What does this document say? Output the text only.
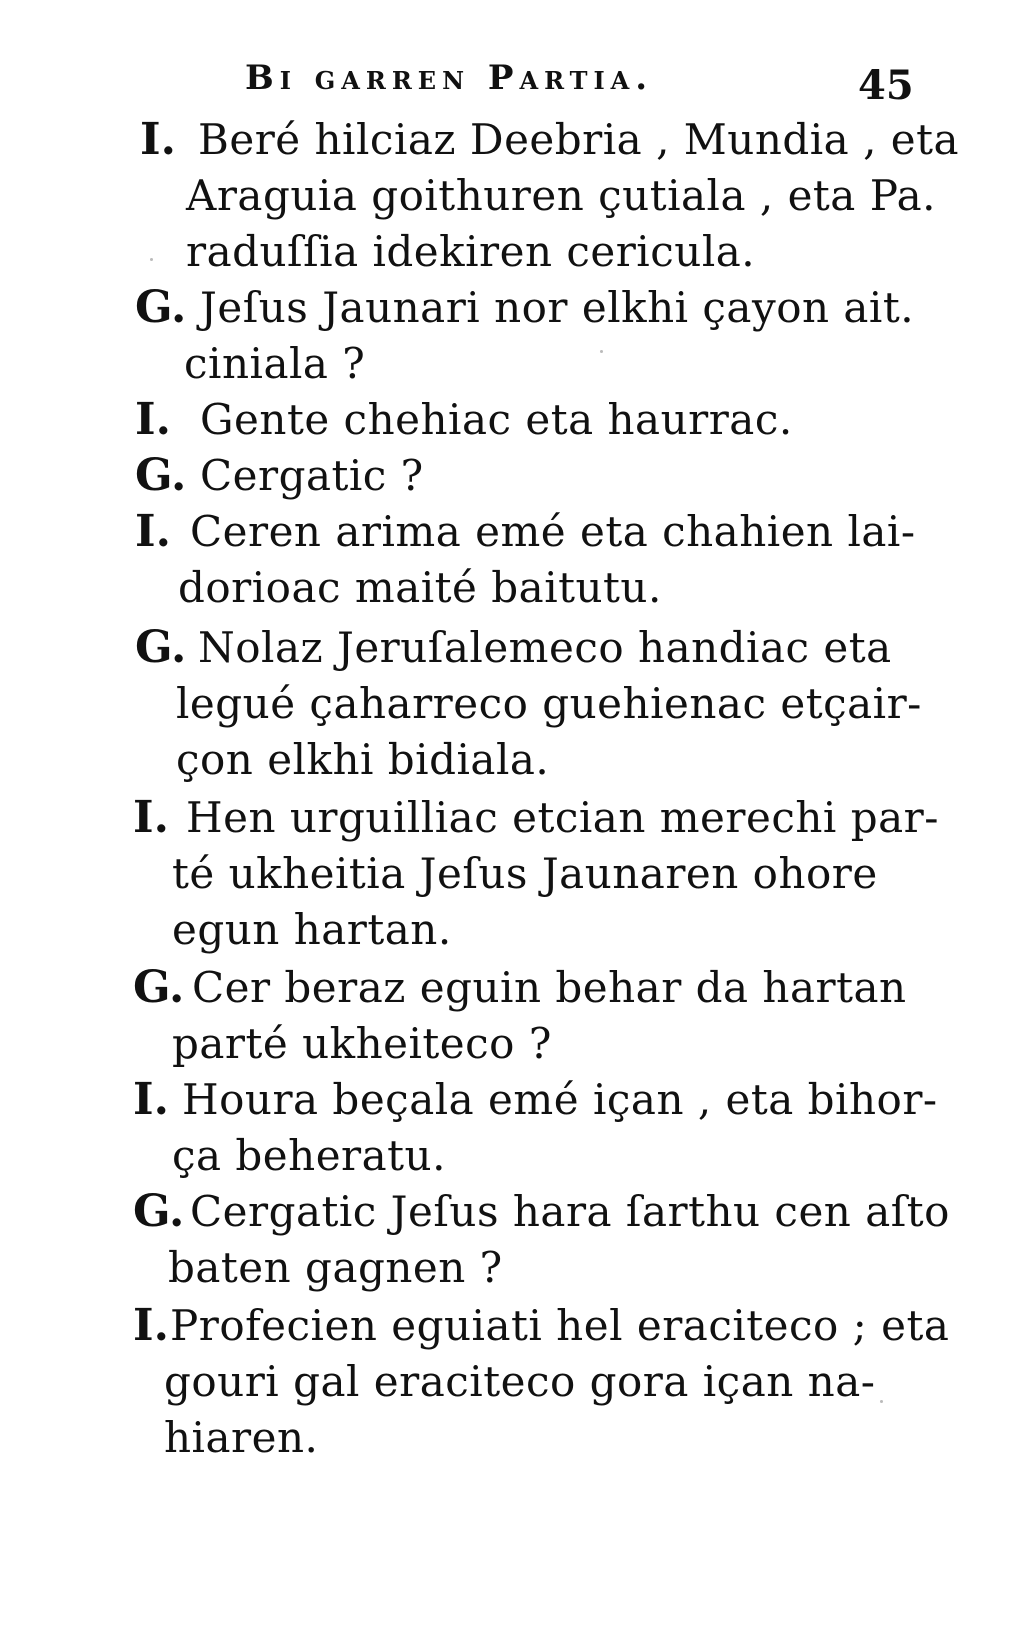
Bi garren Partia.	45
I. Beré hilciaz Deebria , Mundia , eta
Araguia goithuren çutiala , eta Pa.
raduſſia idekiren cericula.
G. Jeſus Jaunari nor elkhi çayon ait.
ciniala ?
I. Gente chehiac eta haurrac.
G. Cergatic ?
I. Ceren arima emé eta chahien lai-
dorioac maité baitutu.
G. Nolaz Jeruſalemeco handiac eta
legué çaharreco guehienac etçair-
çon elkhi bidiala.
I. Hen urguilliac etcian merechi par-
té ukheitia Jeſus Jaunaren ohore
egun hartan.
G. Cer beraz eguin behar da hartan
parté ukheiteco ?
I. Houra beçala emé içan , eta bihor-
ça beheratu.
G. Cergatic Jeſus hara ſarthu cen aſto
baten gagnen ?
I. Profecien eguiati hel eraciteco ; eta
gouri gal eraciteco gora içan na-
hiaren.
